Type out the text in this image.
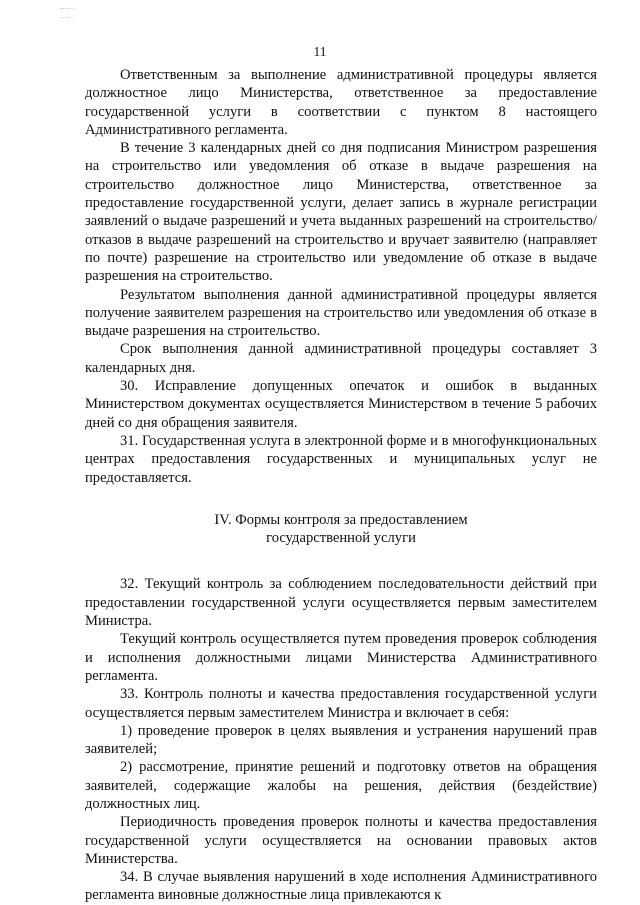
11

Ответственным за выполнение административной процедуры является должностное лицо Министерства, ответственное за предоставление государственной услуги в соответствии с пунктом 8 настоящего Административного регламента.

В течение 3 календарных дней со дня подписания Министром разрешения на строительство или уведомления об отказе в выдаче разрешения на строительство должностное лицо Министерства, ответственное за предоставление государственной услуги, делает запись в журнале регистрации заявлений о выдаче разрешений и учета выданных разрешений на строительство/отказов в выдаче разрешений на строительство и вручает заявителю (направляет по почте) разрешение на строительство или уведомление об отказе в выдаче разрешения на строительство.

Результатом выполнения данной административной процедуры является получение заявителем разрешения на строительство или уведомления об отказе в выдаче разрешения на строительство.

Срок выполнения данной административной процедуры составляет 3 календарных дня.

30. Исправление допущенных опечаток и ошибок в выданных Министерством документах осуществляется Министерством в течение 5 рабочих дней со дня обращения заявителя.

31. Государственная услуга в электронной форме и в многофункциональных центрах предоставления государственных и муниципальных услуг не предоставляется.

IV. Формы контроля за предоставлением
государственной услуги

32. Текущий контроль за соблюдением последовательности действий при предоставлении государственной услуги осуществляется первым заместителем Министра.

Текущий контроль осуществляется путем проведения проверок соблюдения и исполнения должностными лицами Министерства Административного регламента.

33. Контроль полноты и качества предоставления государственной услуги осуществляется первым заместителем Министра и включает в себя:

1) проведение проверок в целях выявления и устранения нарушений прав заявителей;

2) рассмотрение, принятие решений и подготовку ответов на обращения заявителей, содержащие жалобы на решения, действия (бездействие) должностных лиц.

Периодичность проведения проверок полноты и качества предоставления государственной услуги осуществляется на основании правовых актов Министерства.

34. В случае выявления нарушений в ходе исполнения Административного регламента виновные должностные лица привлекаются к
